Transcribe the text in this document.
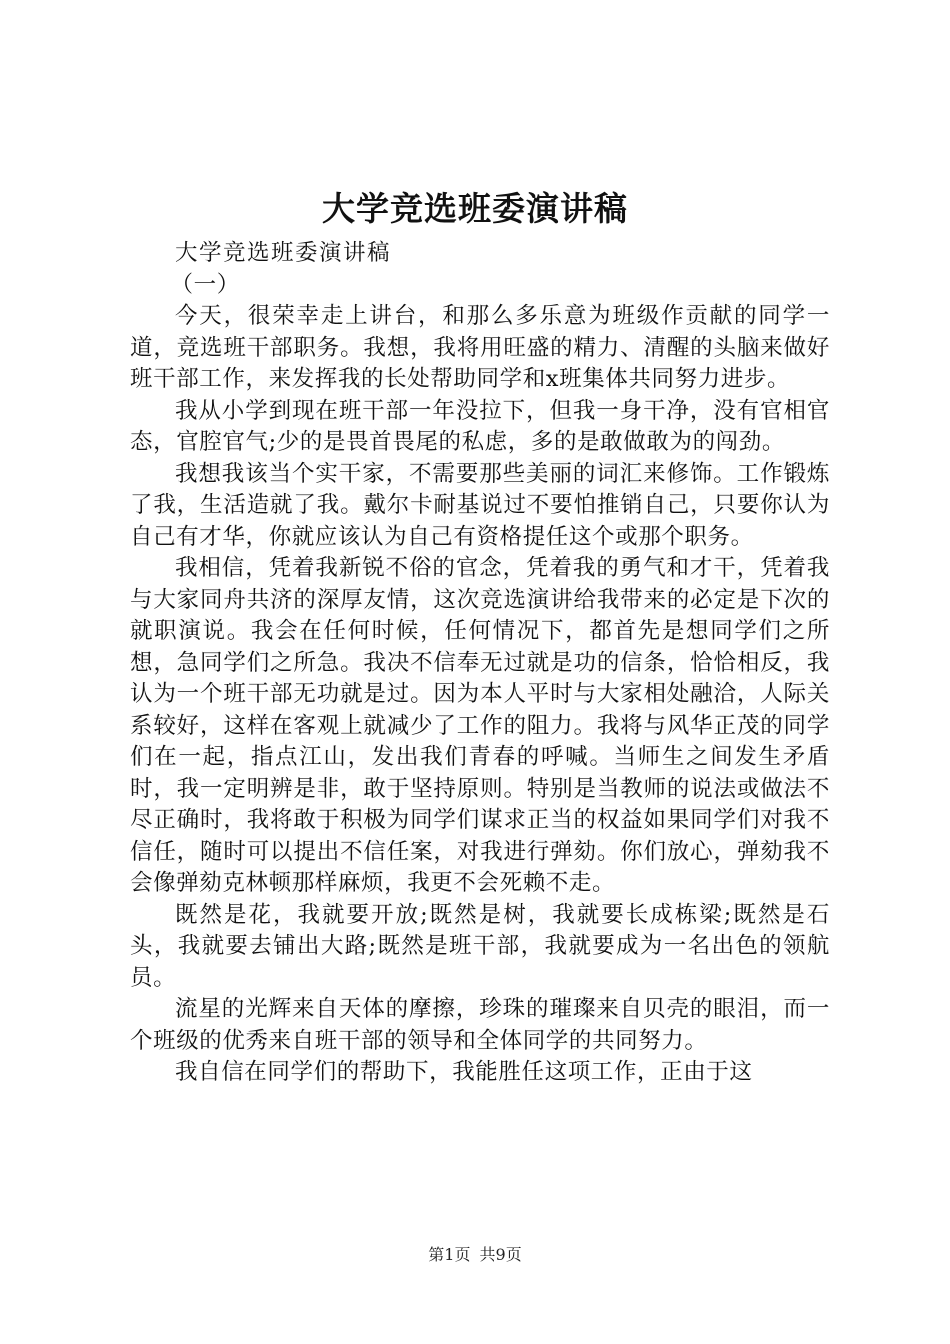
大学竞选班委演讲稿

大学竞选班委演讲稿

（一）

今天，很荣幸走上讲台，和那么多乐意为班级作贡献的同学一道，竞选班干部职务。我想，我将用旺盛的精力、清醒的头脑来做好班干部工作，来发挥我的长处帮助同学和x班集体共同努力进步。

我从小学到现在班干部一年没拉下，但我一身干净，没有官相官态，官腔官气;少的是畏首畏尾的私虑，多的是敢做敢为的闯劲。

我想我该当个实干家，不需要那些美丽的词汇来修饰。工作锻炼了我，生活造就了我。戴尔卡耐基说过不要怕推销自己，只要你认为自己有才华，你就应该认为自己有资格提任这个或那个职务。

我相信，凭着我新锐不俗的官念，凭着我的勇气和才干，凭着我与大家同舟共济的深厚友情，这次竞选演讲给我带来的必定是下次的就职演说。我会在任何时候，任何情况下，都首先是想同学们之所想，急同学们之所急。我决不信奉无过就是功的信条，恰恰相反，我认为一个班干部无功就是过。因为本人平时与大家相处融洽，人际关系较好，这样在客观上就减少了工作的阻力。我将与风华正茂的同学们在一起，指点江山，发出我们青春的呼喊。当师生之间发生矛盾时，我一定明辨是非，敢于坚持原则。特别是当教师的说法或做法不尽正确时，我将敢于积极为同学们谋求正当的权益如果同学们对我不信任，随时可以提出不信任案，对我进行弹劾。你们放心，弹劾我不会像弹劾克林顿那样麻烦，我更不会死赖不走。

既然是花，我就要开放;既然是树，我就要长成栋梁;既然是石头，我就要去铺出大路;既然是班干部，我就要成为一名出色的领航员。

流星的光辉来自天体的摩擦，珍珠的璀璨来自贝壳的眼泪，而一个班级的优秀来自班干部的领导和全体同学的共同努力。

我自信在同学们的帮助下，我能胜任这项工作，正由于这

第1页 共9页
